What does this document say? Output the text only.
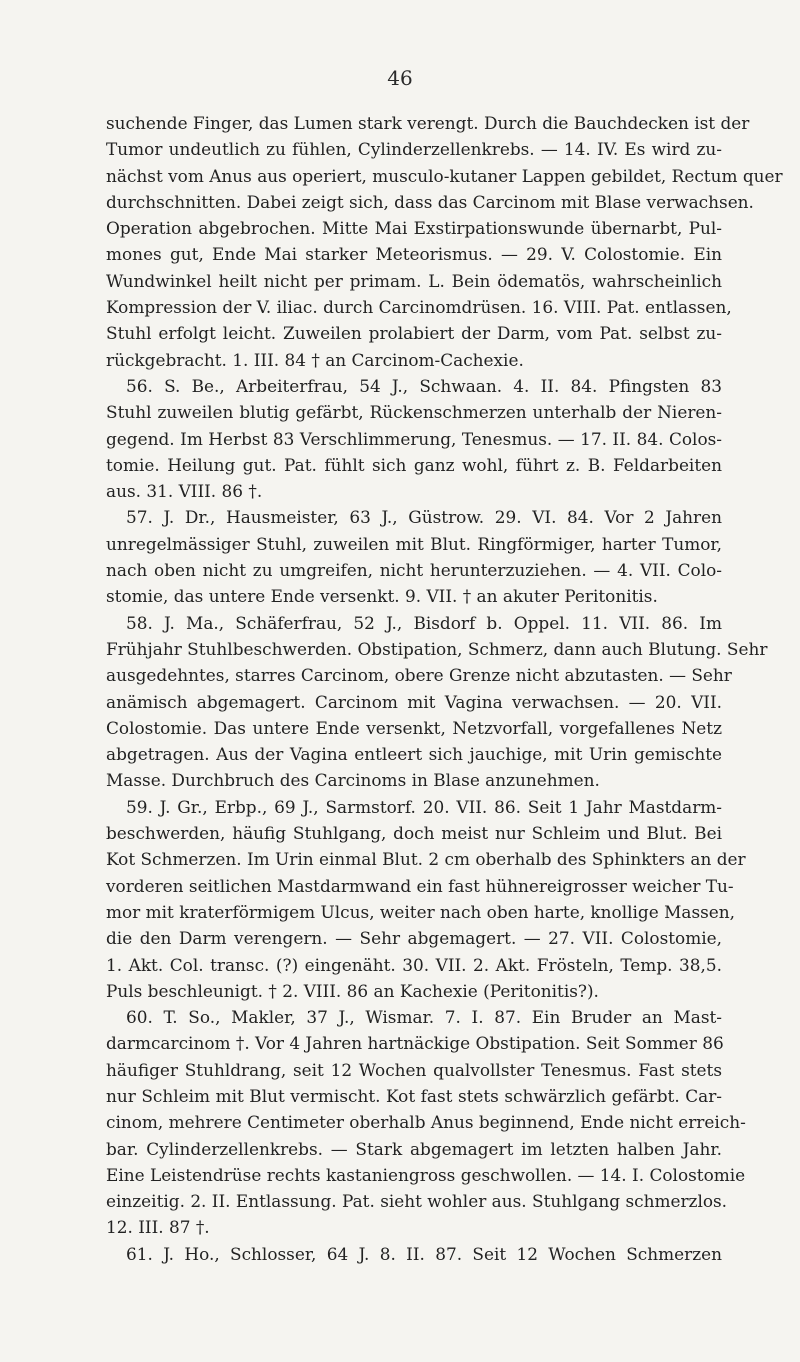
46
suchende Finger, das Lumen stark verengt. Durch die Bauchdecken ist der
Tumor undeutlich zu fühlen, Cylinderzellenkrebs. — 14. IV. Es wird zu-
nächst vom Anus aus operiert, musculo-kutaner Lappen gebildet, Rectum quer
durchschnitten. Dabei zeigt sich, dass das Carcinom mit Blase verwachsen.
Operation abgebrochen. Mitte Mai Exstirpationswunde übernarbt, Pul-
mones gut, Ende Mai starker Meteorismus. — 29. V. Colostomie. Ein
Wundwinkel heilt nicht per primam. L. Bein ödematös, wahrscheinlich
Kompression der V. iliac. durch Carcinomdrüsen. 16. VIII. Pat. entlassen,
Stuhl erfolgt leicht. Zuweilen prolabiert der Darm, vom Pat. selbst zu-
rückgebracht. 1. III. 84 † an Carcinom-Cachexie.
56. S. Be., Arbeiterfrau, 54 J., Schwaan. 4. II. 84. Pfingsten 83
Stuhl zuweilen blutig gefärbt, Rückenschmerzen unterhalb der Nieren-
gegend. Im Herbst 83 Verschlimmerung, Tenesmus. — 17. II. 84. Colos-
tomie. Heilung gut. Pat. fühlt sich ganz wohl, führt z. B. Feldarbeiten
aus. 31. VIII. 86 †.
57. J. Dr., Hausmeister, 63 J., Güstrow. 29. VI. 84. Vor 2 Jahren
unregelmässiger Stuhl, zuweilen mit Blut. Ringförmiger, harter Tumor,
nach oben nicht zu umgreifen, nicht herunterzuziehen. — 4. VII. Colo-
stomie, das untere Ende versenkt. 9. VII. † an akuter Peritonitis.
58. J. Ma., Schäferfrau, 52 J., Bisdorf b. Oppel. 11. VII. 86. Im
Frühjahr Stuhlbeschwerden. Obstipation, Schmerz, dann auch Blutung. Sehr
ausgedehntes, starres Carcinom, obere Grenze nicht abzutasten. — Sehr
anämisch abgemagert. Carcinom mit Vagina verwachsen. — 20. VII.
Colostomie. Das untere Ende versenkt, Netzvorfall, vorgefallenes Netz
abgetragen. Aus der Vagina entleert sich jauchige, mit Urin gemischte
Masse. Durchbruch des Carcinoms in Blase anzunehmen.
59. J. Gr., Erbp., 69 J., Sarmstorf. 20. VII. 86. Seit 1 Jahr Mastdarm-
beschwerden, häufig Stuhlgang, doch meist nur Schleim und Blut. Bei
Kot Schmerzen. Im Urin einmal Blut. 2 cm oberhalb des Sphinkters an der
vorderen seitlichen Mastdarmwand ein fast hühnereigrosser weicher Tu-
mor mit kraterförmigem Ulcus, weiter nach oben harte, knollige Massen,
die den Darm verengern. — Sehr abgemagert. — 27. VII. Colostomie,
1. Akt. Col. transc. (?) eingenäht. 30. VII. 2. Akt. Frösteln, Temp. 38,5.
Puls beschleunigt. † 2. VIII. 86 an Kachexie (Peritonitis?).
60. T. So., Makler, 37 J., Wismar. 7. I. 87. Ein Bruder an Mast-
darmcarcinom †. Vor 4 Jahren hartnäckige Obstipation. Seit Sommer 86
häufiger Stuhldrang, seit 12 Wochen qualvollster Tenesmus. Fast stets
nur Schleim mit Blut vermischt. Kot fast stets schwärzlich gefärbt. Car-
cinom, mehrere Centimeter oberhalb Anus beginnend, Ende nicht erreich-
bar. Cylinderzellenkrebs. — Stark abgemagert im letzten halben Jahr.
Eine Leistendrüse rechts kastaniengross geschwollen. — 14. I. Colostomie
einzeitig. 2. II. Entlassung. Pat. sieht wohler aus. Stuhlgang schmerzlos.
12. III. 87 †.
61. J. Ho., Schlosser, 64 J. 8. II. 87. Seit 12 Wochen Schmerzen
